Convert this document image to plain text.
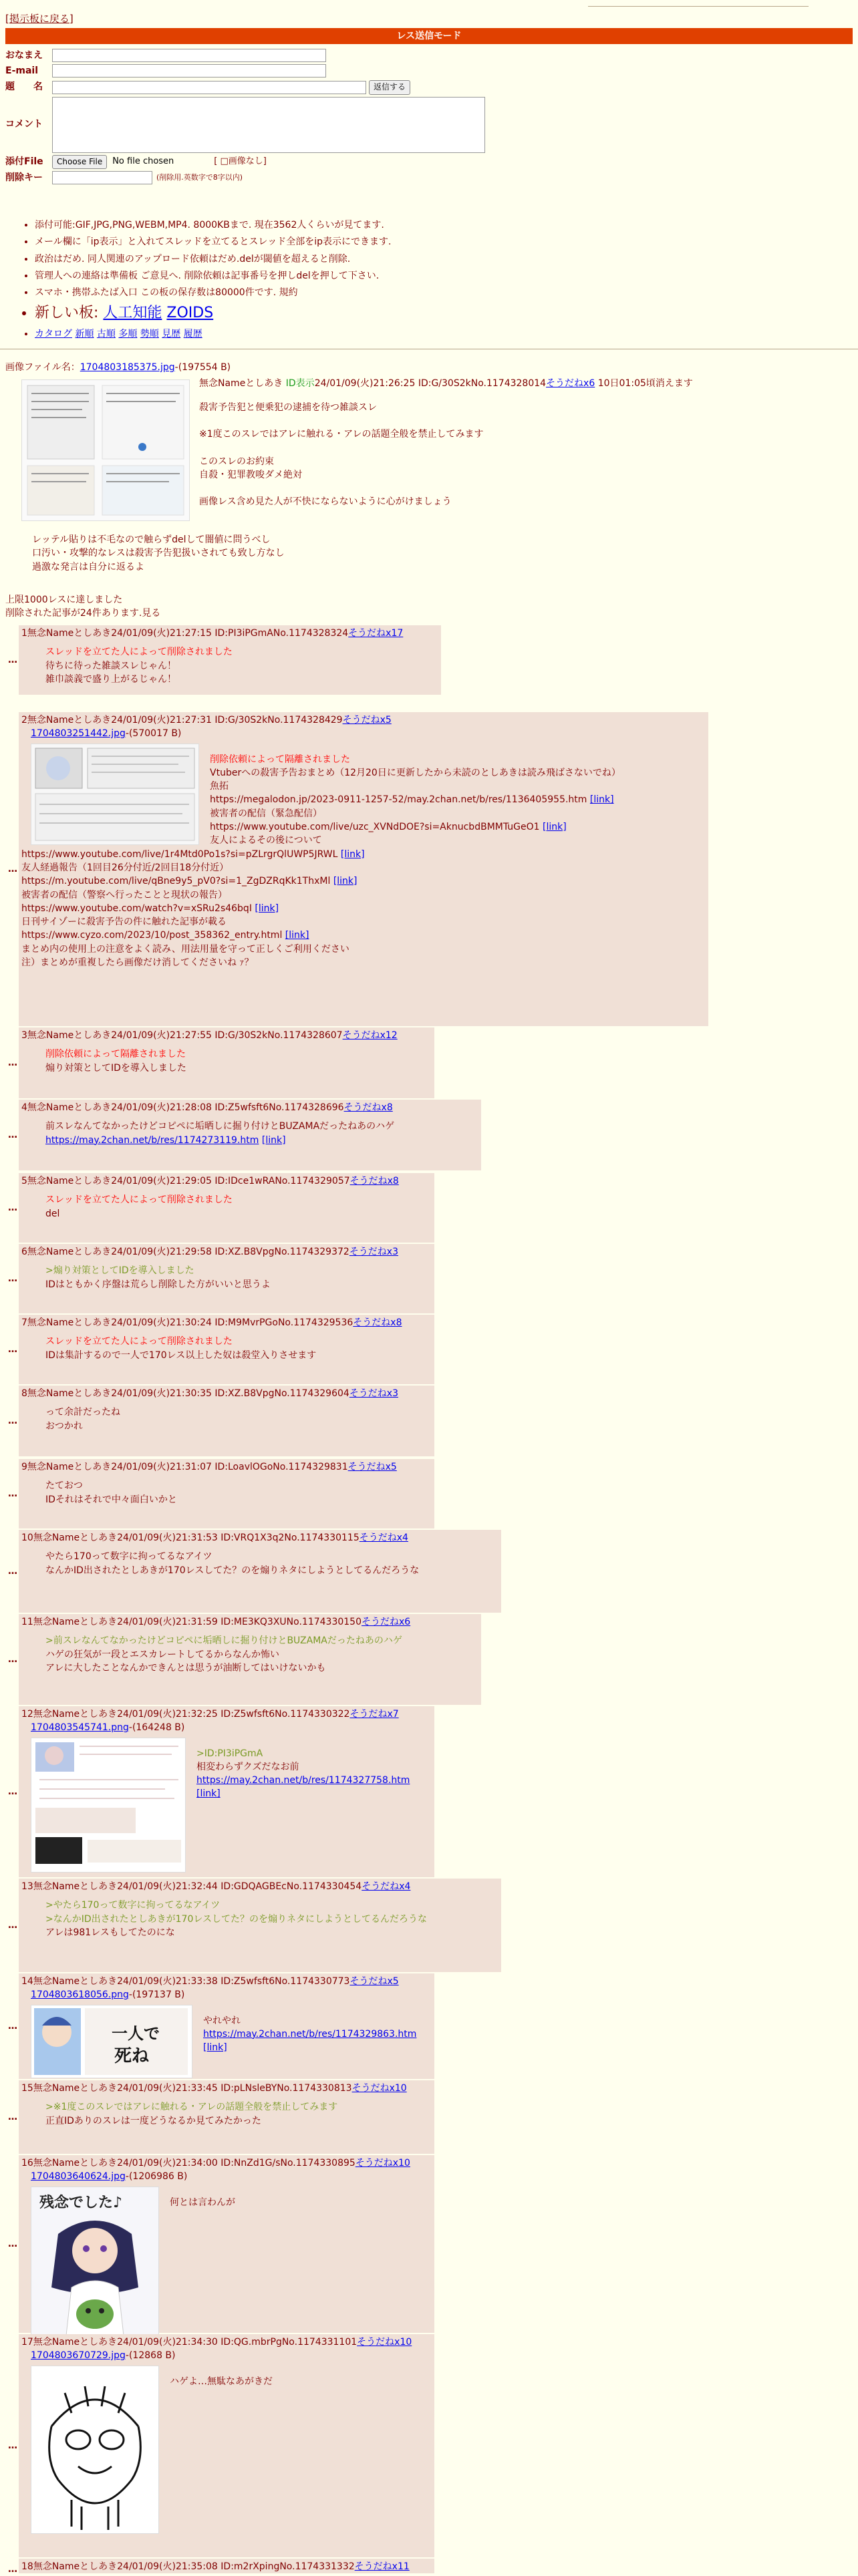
[掲示板に戻る]
レス送信モード
おなまえ
E-mail
題　　名	返信する
コメント
添付File	Choose File	No file chosen	[ □画像なし]
削除キー	(削除用.英数字で8字以内)
• 添付可能:GIF,JPG,PNG,WEBM,MP4. 8000KBまで. 現在3562人くらいが見てます.
• メール欄に「ip表示」と入れてスレッドを立てるとスレッド全部をip表示にできます.
• 政治はだめ. 同人関連のアップロード依頼はだめ.delが閾値を超えると削除.
• 管理人への連絡は準備板 ご意見へ. 削除依頼は記事番号を押しdelを押して下さい.
• スマホ・携帯ふたば入口 この板の保存数は80000件です. 規約
• 新しい板: 人工知能 ZOIDS
• カタログ 新順 古順 多順 勢順 見歴 履歴
画像ファイル名：1704803185375.jpg-(197554 B)
無念Nameとしあき ID表示24/01/09(火)21:26:25 ID:G/30S2kNo.1174328014そうだねx6 10日01:05頃消えます
殺害予告犯と便乗犯の逮捕を待つ雑談スレ
※1度このスレではアレに触れる・アレの話題全般を禁止してみます
このスレのお約束
自殺・犯罪教唆ダメ絶対
画像レス含め見た人が不快にならないように心がけましょう
レッテル貼りは不毛なので触らずdelして闇値に問うべし
口汚い・攻撃的なレスは殺害予告犯扱いされても致し方なし
過激な発言は自分に返るよ
上限1000レスに達しました
削除された記事が24件あります.見る
…
1無念Nameとしあき24/01/09(火)21:27:15 ID:PI3iPGmANo.1174328324そうだねx17
スレッドを立てた人によって削除されました
待ちに待った雑談スレじゃん！
雑巾談義で盛り上がるじゃん！
…
2無念Nameとしあき24/01/09(火)21:27:31 ID:G/30S2kNo.1174328429そうだねx5
1704803251442.jpg-(570017 B)
削除依頼によって隔離されました
Vtuberへの殺害予告おまとめ（12月20日に更新したから未読のとしあきは読み飛ばさないでね）
魚拓
https://megalodon.jp/2023-0911-1257-52/may.2chan.net/b/res/1136405955.htm [link]
被害者の配信（緊急配信）
https://www.youtube.com/live/uzc_XVNdDOE?si=AknucbdBMMTuGeO1 [link]
友人によるその後について
https://www.youtube.com/live/1r4Mtd0Po1s?si=pZLrgrQlUWP5JRWL [link]
友人経過報告（1回目26分付近/2回目18分付近）
https://m.youtube.com/live/qBne9y5_pV0?si=1_ZgDZRqKk1ThxMl [link]
被害者の配信（警察へ行ったことと現状の報告）
https://www.youtube.com/watch?v=xSRu2s46bqI [link]
日刊サイゾーに殺害予告の件に触れた記事が載る
https://www.cyzo.com/2023/10/post_358362_entry.html [link]
まとめ内の使用上の注意をよく読み、用法用量を守って正しくご利用ください
注）まとめが重複したら画像だけ消してくださいね ｧ？
…
3無念Nameとしあき24/01/09(火)21:27:55 ID:G/30S2kNo.1174328607そうだねx12
削除依頼によって隔離されました
煽り対策としてIDを導入しました
…
4無念Nameとしあき24/01/09(火)21:28:08 ID:Z5wfsft6No.1174328696そうだねx8
前スレなんてなかったけどコピペに垢晒しに掘り付けとBUZAMAだったねあのハゲ
https://may.2chan.net/b/res/1174273119.htm [link]
…
5無念Nameとしあき24/01/09(火)21:29:05 ID:IDce1wRANo.1174329057そうだねx8
スレッドを立てた人によって削除されました
del
…
6無念Nameとしあき24/01/09(火)21:29:58 ID:XZ.B8VpgNo.1174329372そうだねx3
>煽り対策としてIDを導入しました
IDはともかく序盤は荒らし削除した方がいいと思うよ
…
7無念Nameとしあき24/01/09(火)21:30:24 ID:M9MvrPGoNo.1174329536そうだねx8
スレッドを立てた人によって削除されました
IDは集計するので一人で170レス以上した奴は殺堂入りさせます
…
8無念Nameとしあき24/01/09(火)21:30:35 ID:XZ.B8VpgNo.1174329604そうだねx3
って余計だったね
おつかれ
…
9無念Nameとしあき24/01/09(火)21:31:07 ID:LoavlOGoNo.1174329831そうだねx5
たておつ
IDそれはそれで中々面白いかと
…
10無念Nameとしあき24/01/09(火)21:31:53 ID:VRQ1X3q2No.1174330115そうだねx4
やたら170って数字に拘ってるなアイツ
なんかID出されたとしあきが170レスしてた？のを煽りネタにしようとしてるんだろうな
…
11無念Nameとしあき24/01/09(火)21:31:59 ID:ME3KQ3XUNo.1174330150そうだねx6
>前スレなんてなかったけどコピペに垢晒しに掘り付けとBUZAMAだったねあのハゲ
ハゲの狂気が一段とエスカレートしてるからなんか怖い
アレに大したことなんかできんとは思うが油断してはいけないかも
…
12無念Nameとしあき24/01/09(火)21:32:25 ID:Z5wfsft6No.1174330322そうだねx7
1704803545741.png-(164248 B)
>ID:PI3iPGmA
相変わらずクズだなお前
https://may.2chan.net/b/res/1174327758.htm [link]
…
13無念Nameとしあき24/01/09(火)21:32:44 ID:GDQAGBEcNo.1174330454そうだねx4
>やたら170って数字に拘ってるなアイツ
>なんかID出されたとしあきが170レスしてた？のを煽りネタにしようとしてるんだろうな
アレは981レスもしてたのにな
…
14無念Nameとしあき24/01/09(火)21:33:38 ID:Z5wfsft6No.1174330773そうだねx5
1704803618056.png-(197137 B)
一人で
死ね
やれやれ
https://may.2chan.net/b/res/1174329863.htm [link]
…
15無念Nameとしあき24/01/09(火)21:33:45 ID:pLNsleBYNo.1174330813そうだねx10
>※1度このスレではアレに触れる・アレの話題全般を禁止してみます
正直IDありのスレは一度どうなるか見てみたかった
…
16無念Nameとしあき24/01/09(火)21:34:00 ID:NnZd1G/sNo.1174330895そうだねx10
1704803640624.jpg-(1206986 B)
残念でした♪	何とは言わんが
…
17無念Nameとしあき24/01/09(火)21:34:30 ID:QG.mbrPgNo.1174331101そうだねx10
1704803670729.jpg-(12868 B)
ハゲよ…無駄なあがきだ
… 18無念Nameとしあき24/01/09(火)21:35:08 ID:m2rXpingNo.1174331332そうだねx11
